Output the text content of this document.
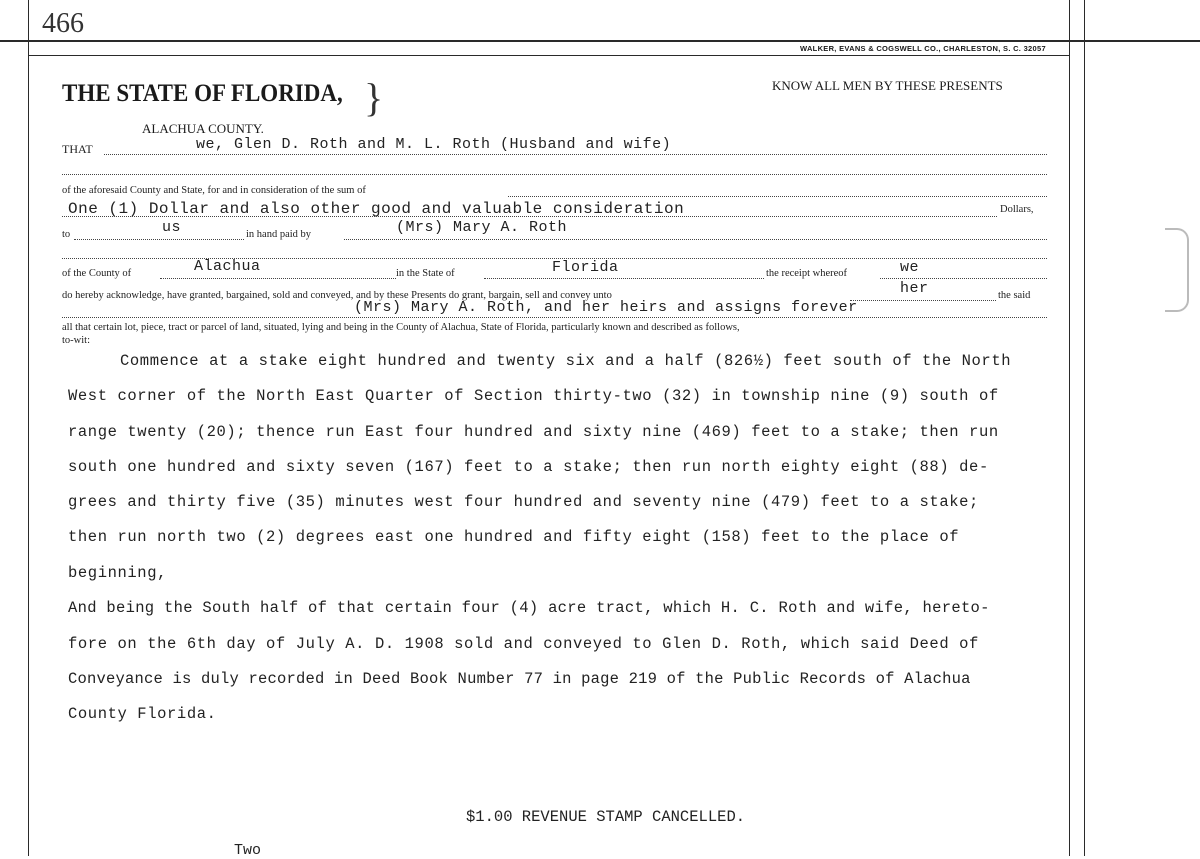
466
WALKER, EVANS & COGSWELL CO., CHARLESTON, S. C. 32057
THE STATE OF FLORIDA, }	KNOW ALL MEN BY THESE PRESENTS
ALACHUA COUNTY.
THAT	we, Glen D. Roth and M. L. Roth (Husband and wife)
of the aforesaid County and State, for and in consideration of the sum of
One (1) Dollar and also other good and valuable consideration	Dollars,
to	us	in hand paid by	(Mrs) Mary A. Roth
of the County of	Alachua	in the State of	Florida	the receipt whereof	we
do hereby acknowledge, have granted, bargained, sold and conveyed, and by these Presents do grant, bargain, sell and convey unto	her	the said
(Mrs) Mary A. Roth, and her heirs and assigns forever
all that certain lot, piece, tract or parcel of land, situated, lying and being in the County of Alachua, State of Florida, particularly known and described as follows,
to-wit:
Commence at a stake eight hundred and twenty six and a half (826½) feet south of the North
West corner of the North East Quarter of Section thirty-two (32) in township nine (9) south of
range twenty (20); thence run East four hundred and sixty nine (469) feet to a stake; then run
south one hundred and sixty seven (167) feet to a stake; then run north eighty eight (88) de-
grees and thirty five (35) minutes west four hundred and seventy nine (479) feet to a stake;
then run north two (2) degrees east one hundred and fifty eight (158) feet to the place of
beginning,
And being the South half of that certain four (4) acre tract, which H. C. Roth and wife, hereto-
fore on the 6th day of July A. D. 1908 sold and conveyed to Glen D. Roth, which said Deed of
Conveyance is duly recorded in Deed Book Number 77 in page 219 of the Public Records of Alachua
County Florida.
$1.00 REVENUE STAMP CANCELLED.
Two
